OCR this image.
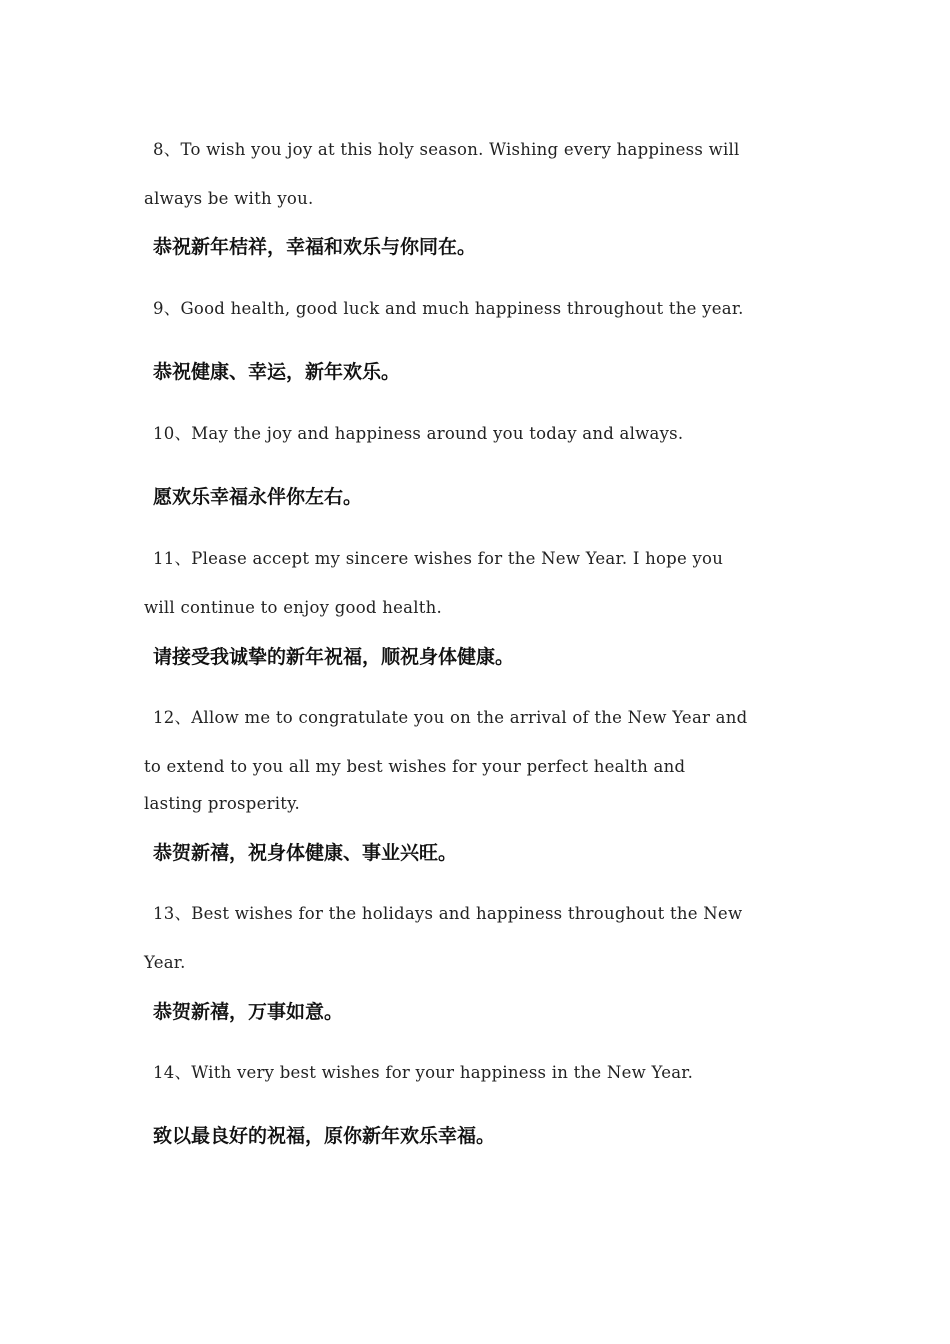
8、To wish you joy at this holy season. Wishing every happiness will
always be with you.
恭祝新年桔祥，幸福和欢乐与你同在。
9、Good health, good luck and much happiness throughout the year.
恭祝健康、幸运，新年欢乐。
10、May the joy and happiness around you today and always.
愿欢乐幸福永伴你左右。
11、Please accept my sincere wishes for the New Year. I hope you
will continue to enjoy good health.
请接受我诚挚的新年祝福，顺祝身体健康。
12、Allow me to congratulate you on the arrival of the New Year and
to extend to you all my best wishes for your perfect health and
lasting prosperity.
恭贺新禧，祝身体健康、事业兴旺。
13、Best wishes for the holidays and happiness throughout the New
Year.
恭贺新禧，万事如意。
14、With very best wishes for your happiness in the New Year.
致以最良好的祝福，原你新年欢乐幸福。
